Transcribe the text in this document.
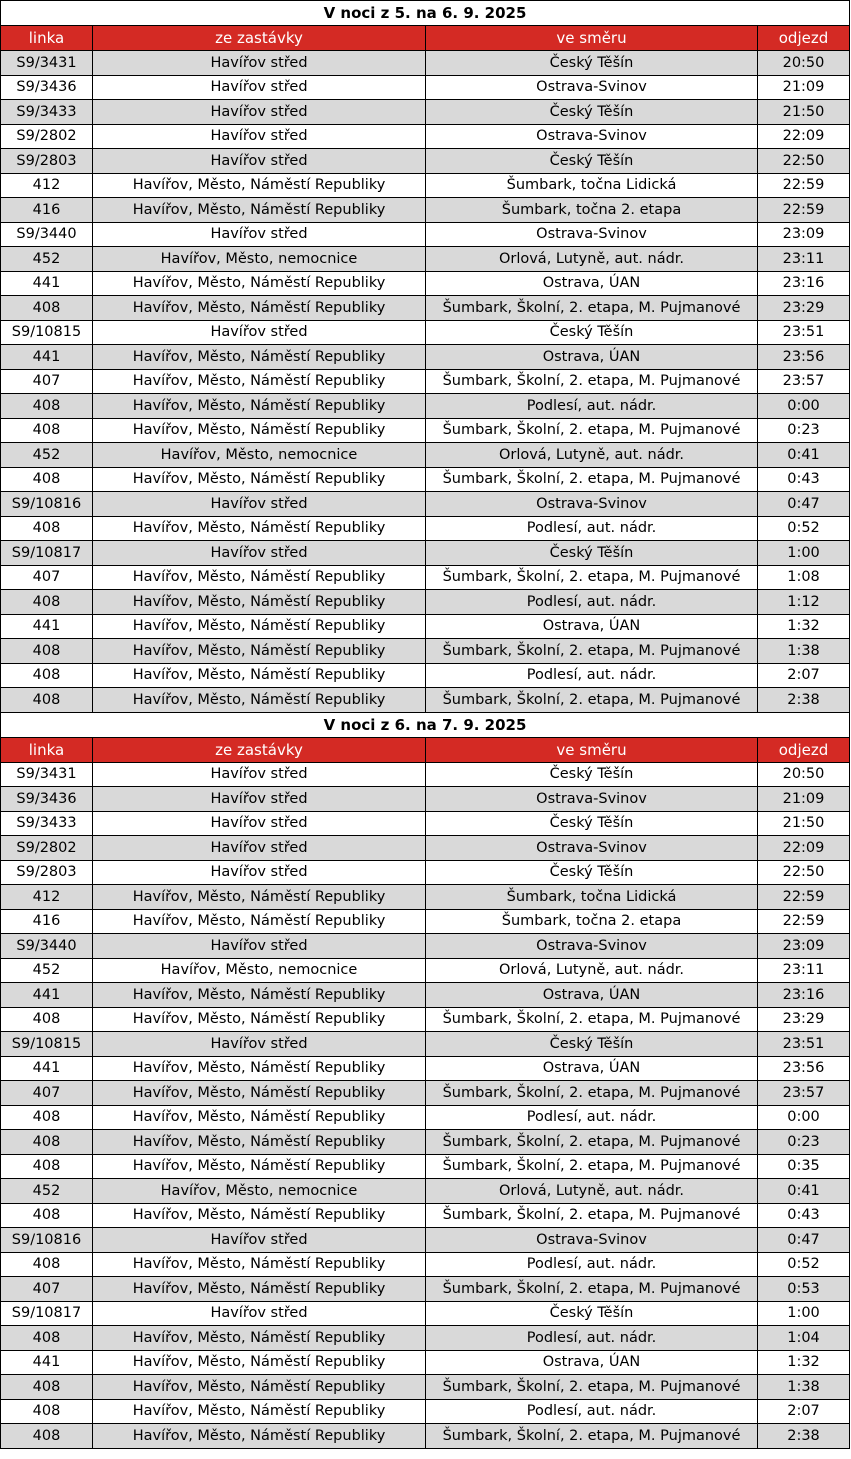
V noci z 5. na 6. 9. 2025			
linka	ze zastávky	ve směru	odjezd
S9/3431	Havířov střed	Český Těšín	20:50
S9/3436	Havířov střed	Ostrava-Svinov	21:09
S9/3433	Havířov střed	Český Těšín	21:50
S9/2802	Havířov střed	Ostrava-Svinov	22:09
S9/2803	Havířov střed	Český Těšín	22:50
412	Havířov, Město, Náměstí Republiky	Šumbark, točna Lidická	22:59
416	Havířov, Město, Náměstí Republiky	Šumbark, točna 2. etapa	22:59
S9/3440	Havířov střed	Ostrava-Svinov	23:09
452	Havířov, Město, nemocnice	Orlová, Lutyně, aut. nádr.	23:11
441	Havířov, Město, Náměstí Republiky	Ostrava, ÚAN	23:16
408	Havířov, Město, Náměstí Republiky	Šumbark, Školní, 2. etapa, M. Pujmanové	23:29
S9/10815	Havířov střed	Český Těšín	23:51
441	Havířov, Město, Náměstí Republiky	Ostrava, ÚAN	23:56
407	Havířov, Město, Náměstí Republiky	Šumbark, Školní, 2. etapa, M. Pujmanové	23:57
408	Havířov, Město, Náměstí Republiky	Podlesí, aut. nádr.	0:00
408	Havířov, Město, Náměstí Republiky	Šumbark, Školní, 2. etapa, M. Pujmanové	0:23
452	Havířov, Město, nemocnice	Orlová, Lutyně, aut. nádr.	0:41
408	Havířov, Město, Náměstí Republiky	Šumbark, Školní, 2. etapa, M. Pujmanové	0:43
S9/10816	Havířov střed	Ostrava-Svinov	0:47
408	Havířov, Město, Náměstí Republiky	Podlesí, aut. nádr.	0:52
S9/10817	Havířov střed	Český Těšín	1:00
407	Havířov, Město, Náměstí Republiky	Šumbark, Školní, 2. etapa, M. Pujmanové	1:08
408	Havířov, Město, Náměstí Republiky	Podlesí, aut. nádr.	1:12
441	Havířov, Město, Náměstí Republiky	Ostrava, ÚAN	1:32
408	Havířov, Město, Náměstí Republiky	Šumbark, Školní, 2. etapa, M. Pujmanové	1:38
408	Havířov, Město, Náměstí Republiky	Podlesí, aut. nádr.	2:07
408	Havířov, Město, Náměstí Republiky	Šumbark, Školní, 2. etapa, M. Pujmanové	2:38
V noci z 6. na 7. 9. 2025			
linka	ze zastávky	ve směru	odjezd
S9/3431	Havířov střed	Český Těšín	20:50
S9/3436	Havířov střed	Ostrava-Svinov	21:09
S9/3433	Havířov střed	Český Těšín	21:50
S9/2802	Havířov střed	Ostrava-Svinov	22:09
S9/2803	Havířov střed	Český Těšín	22:50
412	Havířov, Město, Náměstí Republiky	Šumbark, točna Lidická	22:59
416	Havířov, Město, Náměstí Republiky	Šumbark, točna 2. etapa	22:59
S9/3440	Havířov střed	Ostrava-Svinov	23:09
452	Havířov, Město, nemocnice	Orlová, Lutyně, aut. nádr.	23:11
441	Havířov, Město, Náměstí Republiky	Ostrava, ÚAN	23:16
408	Havířov, Město, Náměstí Republiky	Šumbark, Školní, 2. etapa, M. Pujmanové	23:29
S9/10815	Havířov střed	Český Těšín	23:51
441	Havířov, Město, Náměstí Republiky	Ostrava, ÚAN	23:56
407	Havířov, Město, Náměstí Republiky	Šumbark, Školní, 2. etapa, M. Pujmanové	23:57
408	Havířov, Město, Náměstí Republiky	Podlesí, aut. nádr.	0:00
408	Havířov, Město, Náměstí Republiky	Šumbark, Školní, 2. etapa, M. Pujmanové	0:23
408	Havířov, Město, Náměstí Republiky	Šumbark, Školní, 2. etapa, M. Pujmanové	0:35
452	Havířov, Město, nemocnice	Orlová, Lutyně, aut. nádr.	0:41
408	Havířov, Město, Náměstí Republiky	Šumbark, Školní, 2. etapa, M. Pujmanové	0:43
S9/10816	Havířov střed	Ostrava-Svinov	0:47
408	Havířov, Město, Náměstí Republiky	Podlesí, aut. nádr.	0:52
407	Havířov, Město, Náměstí Republiky	Šumbark, Školní, 2. etapa, M. Pujmanové	0:53
S9/10817	Havířov střed	Český Těšín	1:00
408	Havířov, Město, Náměstí Republiky	Podlesí, aut. nádr.	1:04
441	Havířov, Město, Náměstí Republiky	Ostrava, ÚAN	1:32
408	Havířov, Město, Náměstí Republiky	Šumbark, Školní, 2. etapa, M. Pujmanové	1:38
408	Havířov, Město, Náměstí Republiky	Podlesí, aut. nádr.	2:07
408	Havířov, Město, Náměstí Republiky	Šumbark, Školní, 2. etapa, M. Pujmanové	2:38
